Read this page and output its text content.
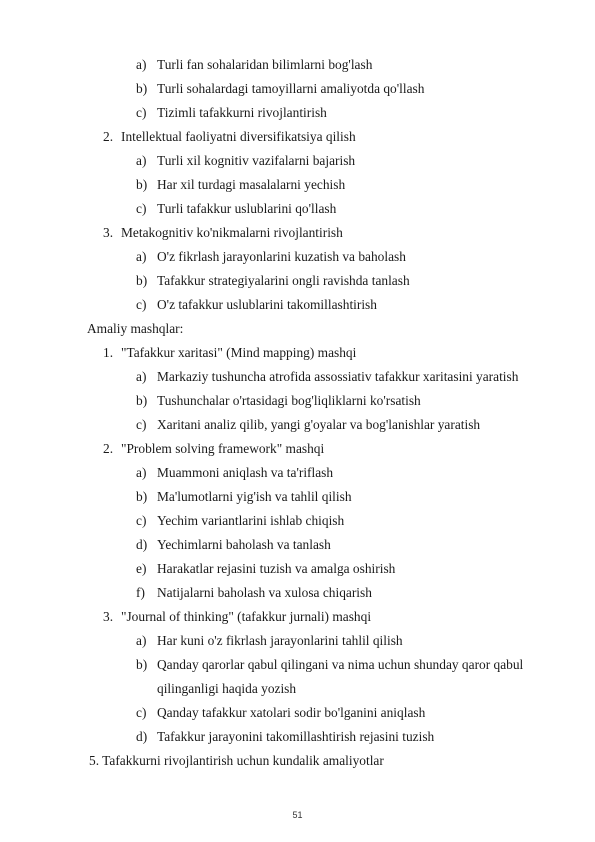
a) Turli fan sohalaridan bilimlarni bog'lash
b) Turli sohalardagi tamoyillarni amaliyotda qo'llash
c) Tizimli tafakkurni rivojlantirish
2. Intellektual faoliyatni diversifikatsiya qilish
a) Turli xil kognitiv vazifalarni bajarish
b) Har xil turdagi masalalarni yechish
c) Turli tafakkur uslublarini qo'llash
3. Metakognitiv ko'nikmalarni rivojlantirish
a) O'z fikrlash jarayonlarini kuzatish va baholash
b) Tafakkur strategiyalarini ongli ravishda tanlash
c) O'z tafakkur uslublarini takomillashtirish
Amaliy mashqlar:
1. "Tafakkur xaritasi" (Mind mapping) mashqi
a) Markaziy tushuncha atrofida assossiativ tafakkur xaritasini yaratish
b) Tushunchalar o'rtasidagi bog'liqliklarni ko'rsatish
c) Xaritani analiz qilib, yangi g'oyalar va bog'lanishlar yaratish
2. "Problem solving framework" mashqi
a) Muammoni aniqlash va ta'riflash
b) Ma'lumotlarni yig'ish va tahlil qilish
c) Yechim variantlarini ishlab chiqish
d) Yechimlarni baholash va tanlash
e) Harakatlar rejasini tuzish va amalga oshirish
f) Natijalarni baholash va xulosa chiqarish
3. "Journal of thinking" (tafakkur jurnali) mashqi
a) Har kuni o'z fikrlash jarayonlarini tahlil qilish
b) Qanday qarorlar qabul qilingani va nima uchun shunday qaror qabul
qilinganligi haqida yozish
c) Qanday tafakkur xatolari sodir bo'lganini aniqlash
d) Tafakkur jarayonini takomillashtirish rejasini tuzish
5. Tafakkurni rivojlantirish uchun kundalik amaliyotlar
51
